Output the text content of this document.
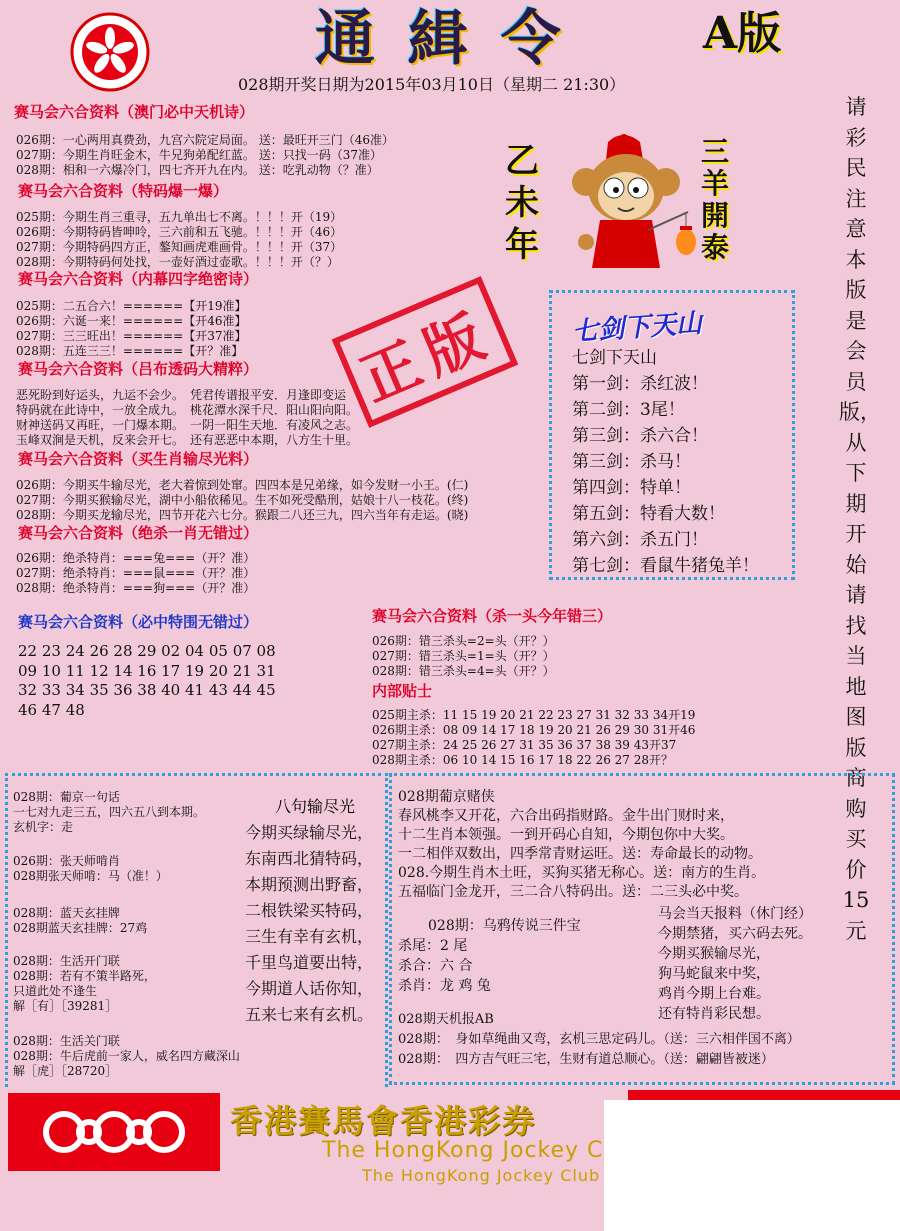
通 緝 令	A版
028期开奖日期为2015年03月10日（星期二 21:30）
乙未年
三羊開泰
请彩民注意本版是会员版，从下期开始请找当地图版商购买价15元
正版
赛马会六合资料（澳门必中天机诗）
026期：一心两用真费劲，九宫六院定局面。 送：最旺开三门（46准）
027期：今期生肖旺金木，牛兄狗弟配红蓝。 送：只找一码（37准）
028期：相和一六爆冷门，四七齐开九在内。 送：吃乳动物（？准）
赛马会六合资料（特码爆一爆）
025期：今期生肖三重寻，五九单出七不离。！！！开（19）
026期：今期特码皆呻呤，三六前和五飞驰。！！！开（46）
027期：今期特码四方正，鏊知画虎难画骨。！！！开（37）
028期：今期特码何处找，一壶好酒过壶歌。！！！开（？）
赛马会六合资料（内幕四字绝密诗）
025期：二五合六！======【开19准】
026期：六诞一来！======【开46准】
027期：三三旺出！======【开37准】
028期：五连三三！======【开？准】
赛马会六合资料（吕布透码大精粹）
恶死盼到好运头，九运不会少。　凭君传谱报平安．月逢即变运
特码就在此诗中，一放全成九。　桃花潭水深千尺．阳山阳向阳。
财神送码又再旺，一门爆本期。　一阴一阳生天地．有凌风之志。
玉峰双涧是天机，反来会开七。　还有恶恶中本期，八方生十里。
赛马会六合资料（买生肖输尽光料）
026期：今期买牛输尽光，老大着惊到处窜。四四本是兄弟缘，如今发财一小王。(仁)
027期：今期买猴输尽光，湖中小船依稀见。生不如死受酷刑，姑娘十八一枝花。(终)
028期：今期买龙输尽光，四节开花六七分。猴跟二八还三九，四六当年有走运。(晓)
赛马会六合资料（绝杀一肖无错过）
026期：绝杀特肖：===兔===（开？准）
027期：绝杀特肖：===鼠===（开？准）
028期：绝杀特肖：===狗===（开？准）
赛马会六合资料（必中特围无错过）
22 23 24 26 28 29 02 04 05 07 08
09 10 11 12 14 16 17 19 20 21 31
32 33 34 35 36 38 40 41 43 44 45
46 47 48
赛马会六合资料（杀一头今年错三）
026期：错三杀头=2=头（开？）
027期：错三杀头=1=头（开？）
028期：错三杀头=4=头（开？）
内部贴士
025期主杀：11 15 19 20 21 22 23 27 31 32 33 34开19
026期主杀：08 09 14 17 18 19 20 21 26 29 30 31开46
027期主杀：24 25 26 27 31 35 36 37 38 39 43开37
028期主杀：06 10 14 15 16 17 18 22 26 27 28开？
七剑下天山
七剑下天山
第一剑：杀红波！
第二剑：3尾！
第三剑：杀六合！
第三剑：杀马！
第四剑：特单！
第五剑：特看大数！
第六剑：杀五门！
第七剑：看鼠牛猪兔羊！
028期：葡京一句话
一七对九走三五，四六五八到本期。
玄机字：走
026期：张天师啃肖
028期张天师啃：马（准！）
028期：蓝天玄挂牌
028期蓝天玄挂牌：27鸡
028期：生活开门联
028期：若有不策半路死，
只道此处不逢生
解［有］［39281］
028期：生活关门联
028期：牛后虎前一家人，威名四方藏深山
解［虎］［28720］
八句输尽光
今期买绿输尽光，
东南西北猜特码，
本期预测出野畜，
二根铁梁买特码，
三生有幸有玄机，
千里鸟道要出特，
今期道人话你知，
五来七来有玄机。
028期葡京赌侠
春风桃李又开花，六合出码指财路。金牛出门财时来，
十二生肖本领强。一到开码心自知，今期包你中大奖。
一二相伴双数出，四季常青财运旺。送：寿命最长的动物。
028.今期生肖木土旺，买狗买猪无称心。送：南方的生肖。
五福临门金龙开，三二合八特码出。送：二三头必中奖。
028期：乌鸦传说三件宝
杀尾：2 尾
杀合：六 合
杀肖：龙 鸡 兔
马会当天报料（休门经）
今期禁猪，买六码去死。
今期买猴输尽光，
狗马蛇鼠来中奖，
鸡肖今期上台难。
还有特肖彩民想。
028期天机报AB
028期：　身如草绳曲又弯，玄机三思定码儿。（送：三六相伴国不离）
028期：　四方吉气旺三宅，生财有道总顺心。（送：翩翩皆被迷）
香港賽馬會香港彩券
The HongKong Jockey C
The HongKong Jockey Club
